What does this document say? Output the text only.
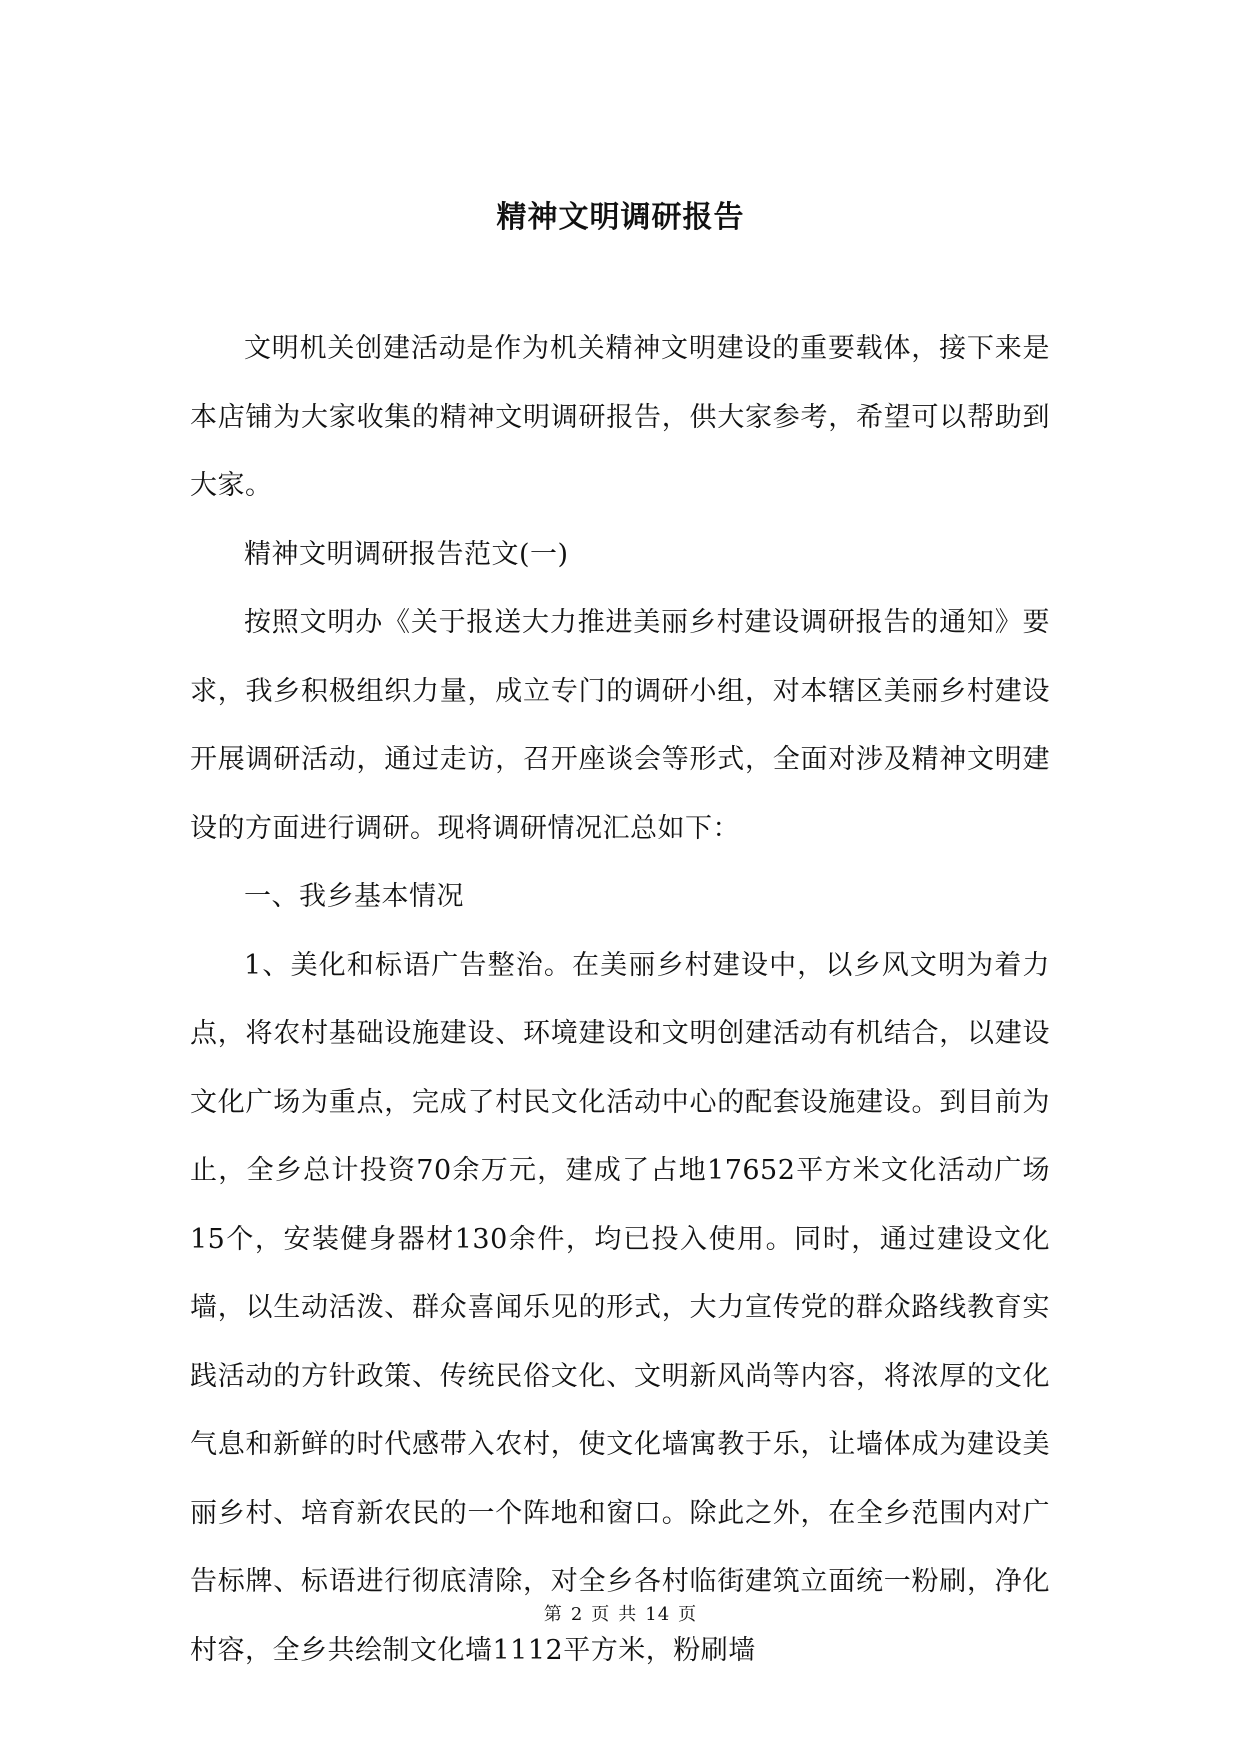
精神文明调研报告

文明机关创建活动是作为机关精神文明建设的重要载体，接下来是本店铺为大家收集的精神文明调研报告，供大家参考，希望可以帮助到大家。

精神文明调研报告范文(一)

按照文明办《关于报送大力推进美丽乡村建设调研报告的通知》要求，我乡积极组织力量，成立专门的调研小组，对本辖区美丽乡村建设开展调研活动，通过走访，召开座谈会等形式，全面对涉及精神文明建设的方面进行调研。现将调研情况汇总如下：

一、我乡基本情况

1、美化和标语广告整治。在美丽乡村建设中，以乡风文明为着力点，将农村基础设施建设、环境建设和文明创建活动有机结合，以建设文化广场为重点，完成了村民文化活动中心的配套设施建设。到目前为止，全乡总计投资70余万元，建成了占地17652平方米文化活动广场15个，安装健身器材130余件，均已投入使用。同时，通过建设文化墙，以生动活泼、群众喜闻乐见的形式，大力宣传党的群众路线教育实践活动的方针政策、传统民俗文化、文明新风尚等内容，将浓厚的文化气息和新鲜的时代感带入农村，使文化墙寓教于乐，让墙体成为建设美丽乡村、培育新农民的一个阵地和窗口。除此之外，在全乡范围内对广告标牌、标语进行彻底清除，对全乡各村临街建筑立面统一粉刷，净化村容，全乡共绘制文化墙1112平方米，粉刷墙

第 2 页 共 14 页
